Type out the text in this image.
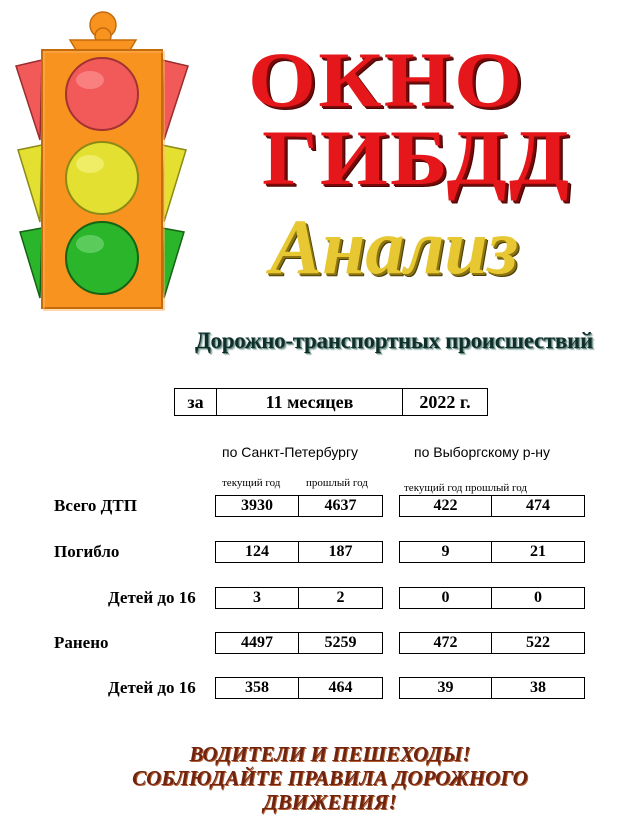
ОКНО
ГИБДД
Анализ
Дорожно-транспортных происшествий
за	11 месяцев	2022 г.
по Санкт-Петербургу	по Выборгскому р-ну
текущий год прошлый год	текущий год прошлый год
Всего ДТП	3930	4637	422	474
Погибло	124	187	9	21
Детей до 16	3	2	0	0
Ранено	4497	5259	472	522
Детей до 16	358	464	39	38
ВОДИТЕЛИ И ПЕШЕХОДЫ!
СОБЛЮДАЙТЕ ПРАВИЛА ДОРОЖНОГО
ДВИЖЕНИЯ!
